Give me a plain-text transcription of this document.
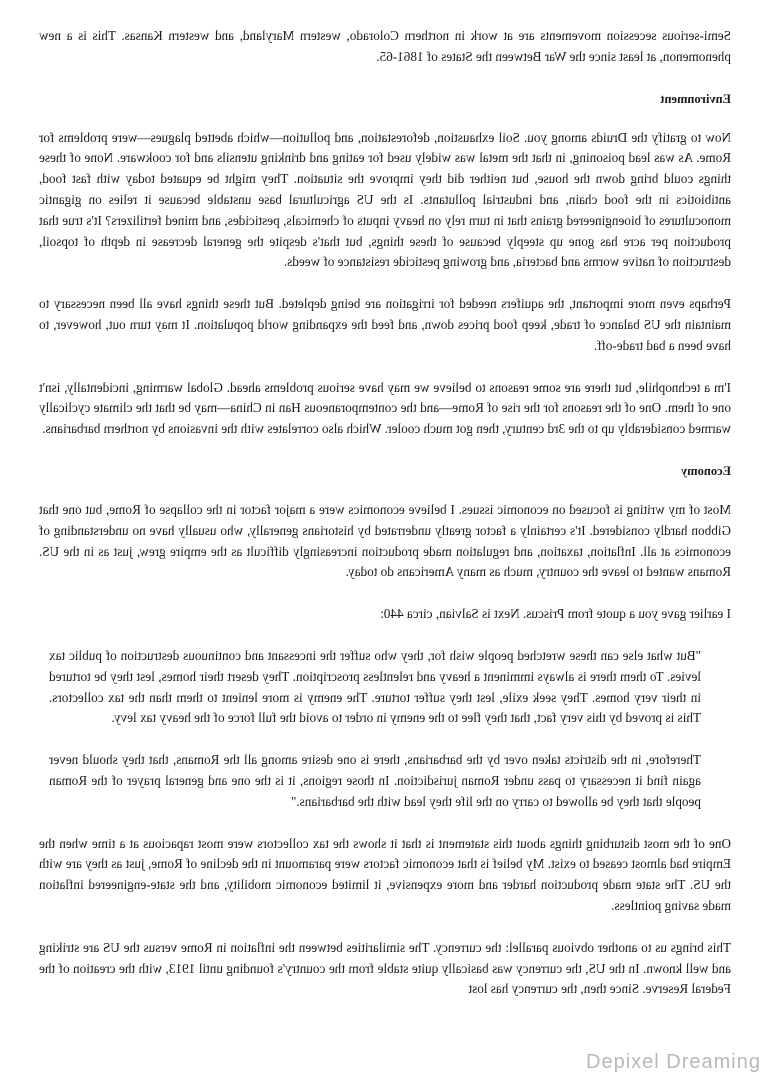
Semi-serious secession movements are at work in northern Colorado, western Maryland, and western Kansas. This is a new phenomenon, at least since the War Between the States of 1861-65.

Environment

Now to gratify the Druids among you. Soil exhaustion, deforestation, and pollution—which abetted plagues—were problems for Rome. As was lead poisoning, in that the metal was widely used for eating and drinking utensils and for cookware. None of these things could bring down the house, but neither did they improve the situation. They might be equated today with fast food, antibiotics in the food chain, and industrial pollutants. Is the US agricultural base unstable because it relies on gigantic monocultures of bioengineered grains that in turn rely on heavy inputs of chemicals, pesticides, and mined fertilizers? It's true that production per acre has gone up steeply because of these things, but that's despite the general decrease in depth of topsoil, destruction of native worms and bacteria, and growing pesticide resistance of weeds.

Perhaps even more important, the aquifers needed for irrigation are being depleted. But these things have all been necessary to maintain the US balance of trade, keep food prices down, and feed the expanding world population. It may turn out, however, to have been a bad trade-off.

I'm a technophile, but there are some reasons to believe we may have serious problems ahead. Global warming, incidentally, isn't one of them. One of the reasons for the rise of Rome—and the contemporaneous Han in China—may be that the climate cyclically warmed considerably up to the 3rd century, then got much cooler. Which also correlates with the invasions by northern barbarians.

Economy

Most of my writing is focused on economic issues. I believe economics were a major factor in the collapse of Rome, but one that Gibbon hardly considered. It's certainly a factor greatly underrated by historians generally, who usually have no understanding of economics at all. Inflation, taxation, and regulation made production increasingly difficult as the empire grew, just as in the US. Romans wanted to leave the country, much as many Americans do today.

I earlier gave you a quote from Priscus. Next is Salvian, circa 440:

"But what else can these wretched people wish for, they who suffer the incessant and continuous destruction of public tax levies. To them there is always imminent a heavy and relentless proscription. They desert their homes, lest they be tortured in their very homes. They seek exile, lest they suffer torture. The enemy is more lenient to them than the tax collectors. This is proved by this very fact, that they flee to the enemy in order to avoid the full force of the heavy tax levy.

Therefore, in the districts taken over by the barbarians, there is one desire among all the Romans, that they should never again find it necessary to pass under Roman jurisdiction. In those regions, it is the one and general prayer of the Roman people that they be allowed to carry on the life they lead with the barbarians."

One of the most disturbing things about this statement is that it shows the tax collectors were most rapacious at a time when the Empire had almost ceased to exist. My belief is that economic factors were paramount in the decline of Rome, just as they are with the US. The state made production harder and more expensive, it limited economic mobility, and the state-engineered inflation made saving pointless.

This brings us to another obvious parallel: the currency. The similarities between the inflation in Rome versus the US are striking and well known. In the US, the currency was basically quite stable from the country's founding until 1913, with the creation of the Federal Reserve. Since then, the currency has lost

Depixel Dreaming
